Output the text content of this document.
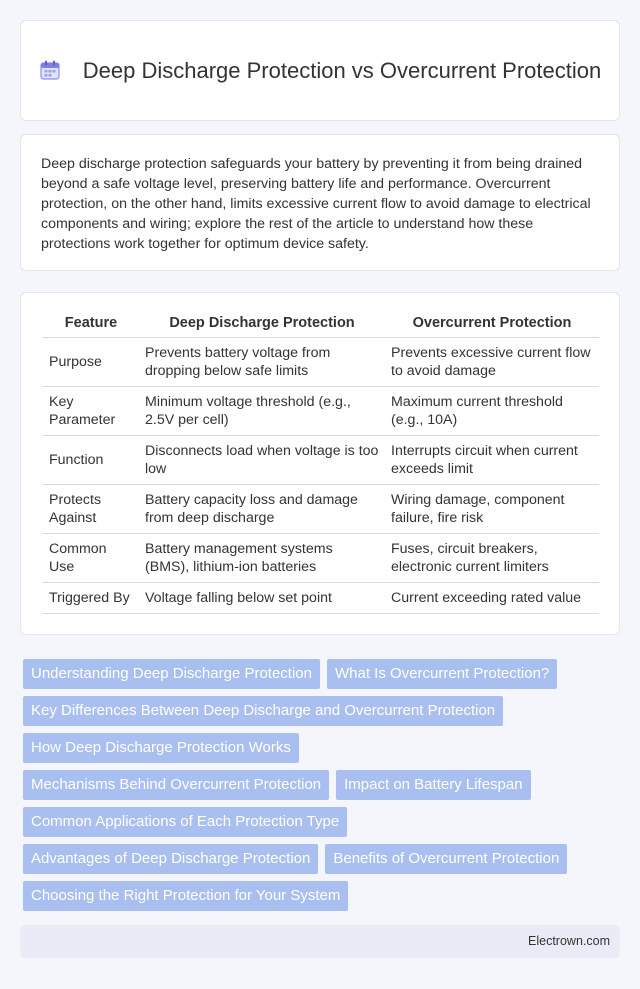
Deep Discharge Protection vs Overcurrent Protection

Deep discharge protection safeguards your battery by preventing it from being drained beyond a safe voltage level, preserving battery life and performance. Overcurrent protection, on the other hand, limits excessive current flow to avoid damage to electrical components and wiring; explore the rest of the article to understand how these protections work together for optimum device safety.

Feature	Deep Discharge Protection	Overcurrent Protection
Purpose	Prevents battery voltage from dropping below safe limits	Prevents excessive current flow to avoid damage
Key Parameter	Minimum voltage threshold (e.g., 2.5V per cell)	Maximum current threshold (e.g., 10A)
Function	Disconnects load when voltage is too low	Interrupts circuit when current exceeds limit
Protects Against	Battery capacity loss and damage from deep discharge	Wiring damage, component failure, fire risk
Common Use	Battery management systems (BMS), lithium-ion batteries	Fuses, circuit breakers, electronic current limiters
Triggered By	Voltage falling below set point	Current exceeding rated value
Understanding Deep Discharge Protection What Is Overcurrent Protection?
Key Differences Between Deep Discharge and Overcurrent Protection
How Deep Discharge Protection Works
Mechanisms Behind Overcurrent Protection Impact on Battery Lifespan
Common Applications of Each Protection Type
Advantages of Deep Discharge Protection Benefits of Overcurrent Protection
Choosing the Right Protection for Your System
Electrown.com
